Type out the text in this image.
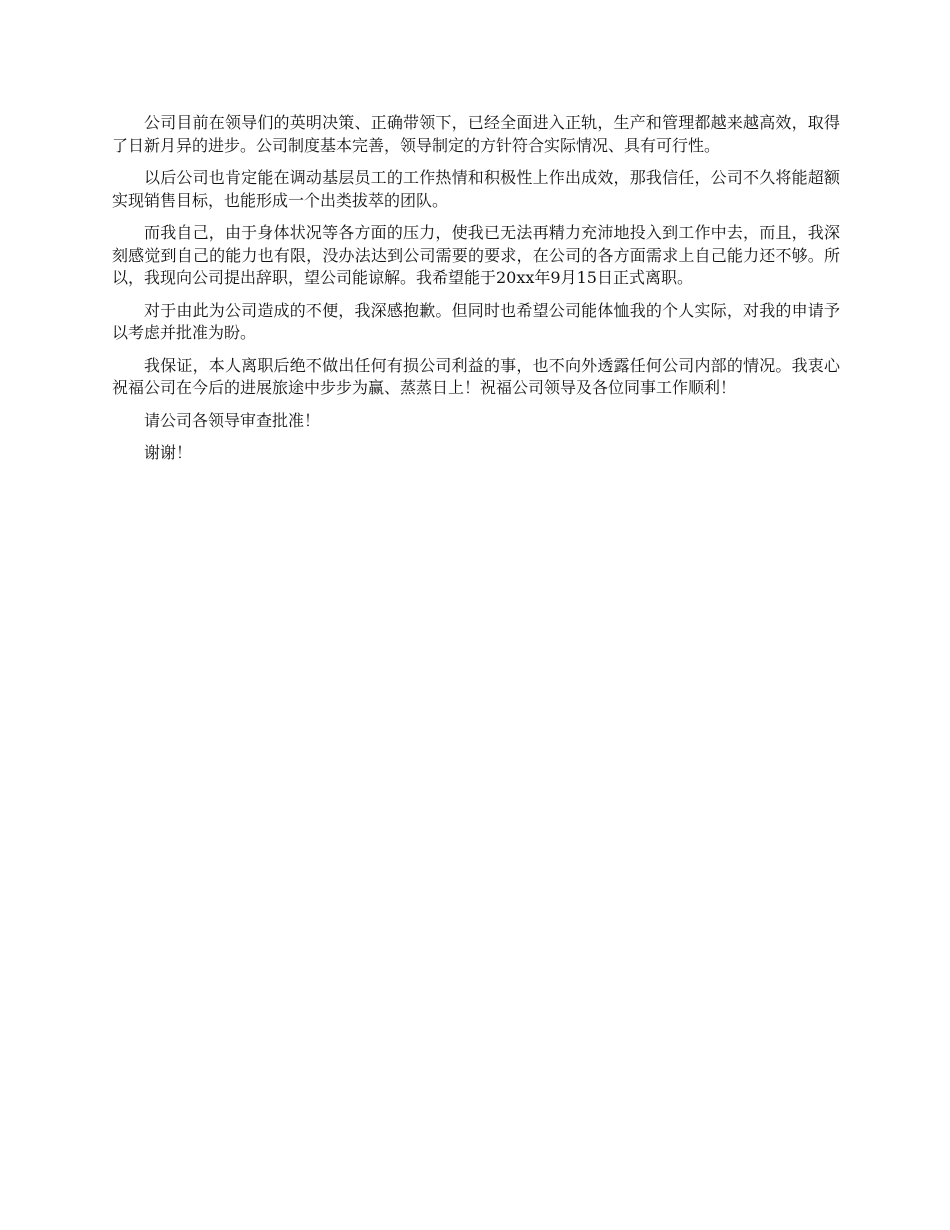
公司目前在领导们的英明决策、正确带领下，已经全面进入正轨，生产和管理都越来越高效，取得了日新月异的进步。公司制度基本完善，领导制定的方针符合实际情况、具有可行性。

以后公司也肯定能在调动基层员工的工作热情和积极性上作出成效，那我信任，公司不久将能超额实现销售目标，也能形成一个出类拔萃的团队。

而我自己，由于身体状况等各方面的压力，使我已无法再精力充沛地投入到工作中去，而且，我深刻感觉到自己的能力也有限，没办法达到公司需要的要求，在公司的各方面需求上自己能力还不够。所以，我现向公司提出辞职，望公司能谅解。我希望能于20xx年9月15日正式离职。

对于由此为公司造成的不便，我深感抱歉。但同时也希望公司能体恤我的个人实际，对我的申请予以考虑并批准为盼。

我保证，本人离职后绝不做出任何有损公司利益的事，也不向外透露任何公司内部的情况。我衷心祝福公司在今后的进展旅途中步步为赢、蒸蒸日上！祝福公司领导及各位同事工作顺利！

请公司各领导审查批准！

谢谢！
